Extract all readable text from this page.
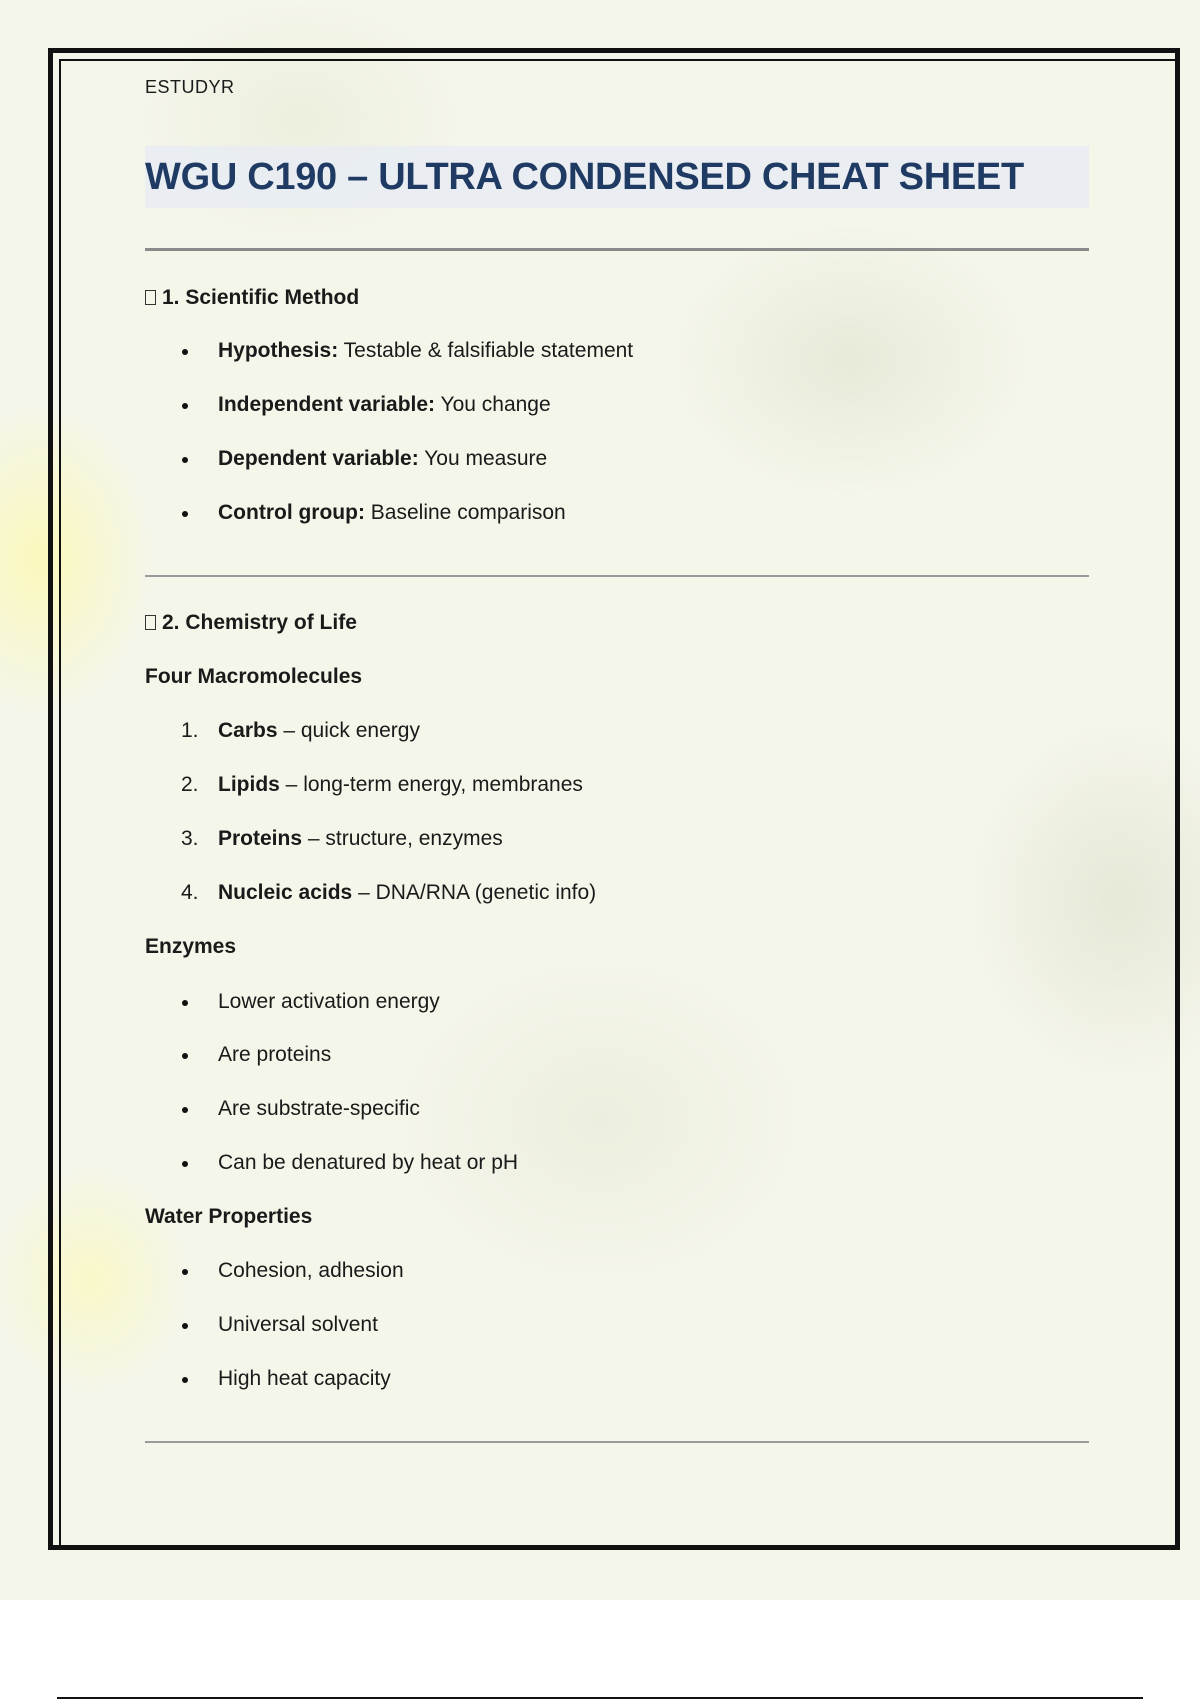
ESTUDYR

WGU C190 – ULTRA CONDENSED CHEAT SHEET

1. Scientific Method

Hypothesis: Testable & falsifiable statement
Independent variable: You change
Dependent variable: You measure
Control group: Baseline comparison

2. Chemistry of Life

Four Macromolecules

1. Carbs – quick energy
2. Lipids – long-term energy, membranes
3. Proteins – structure, enzymes
4. Nucleic acids – DNA/RNA (genetic info)

Enzymes

Lower activation energy
Are proteins
Are substrate-specific
Can be denatured by heat or pH

Water Properties

Cohesion, adhesion
Universal solvent
High heat capacity
